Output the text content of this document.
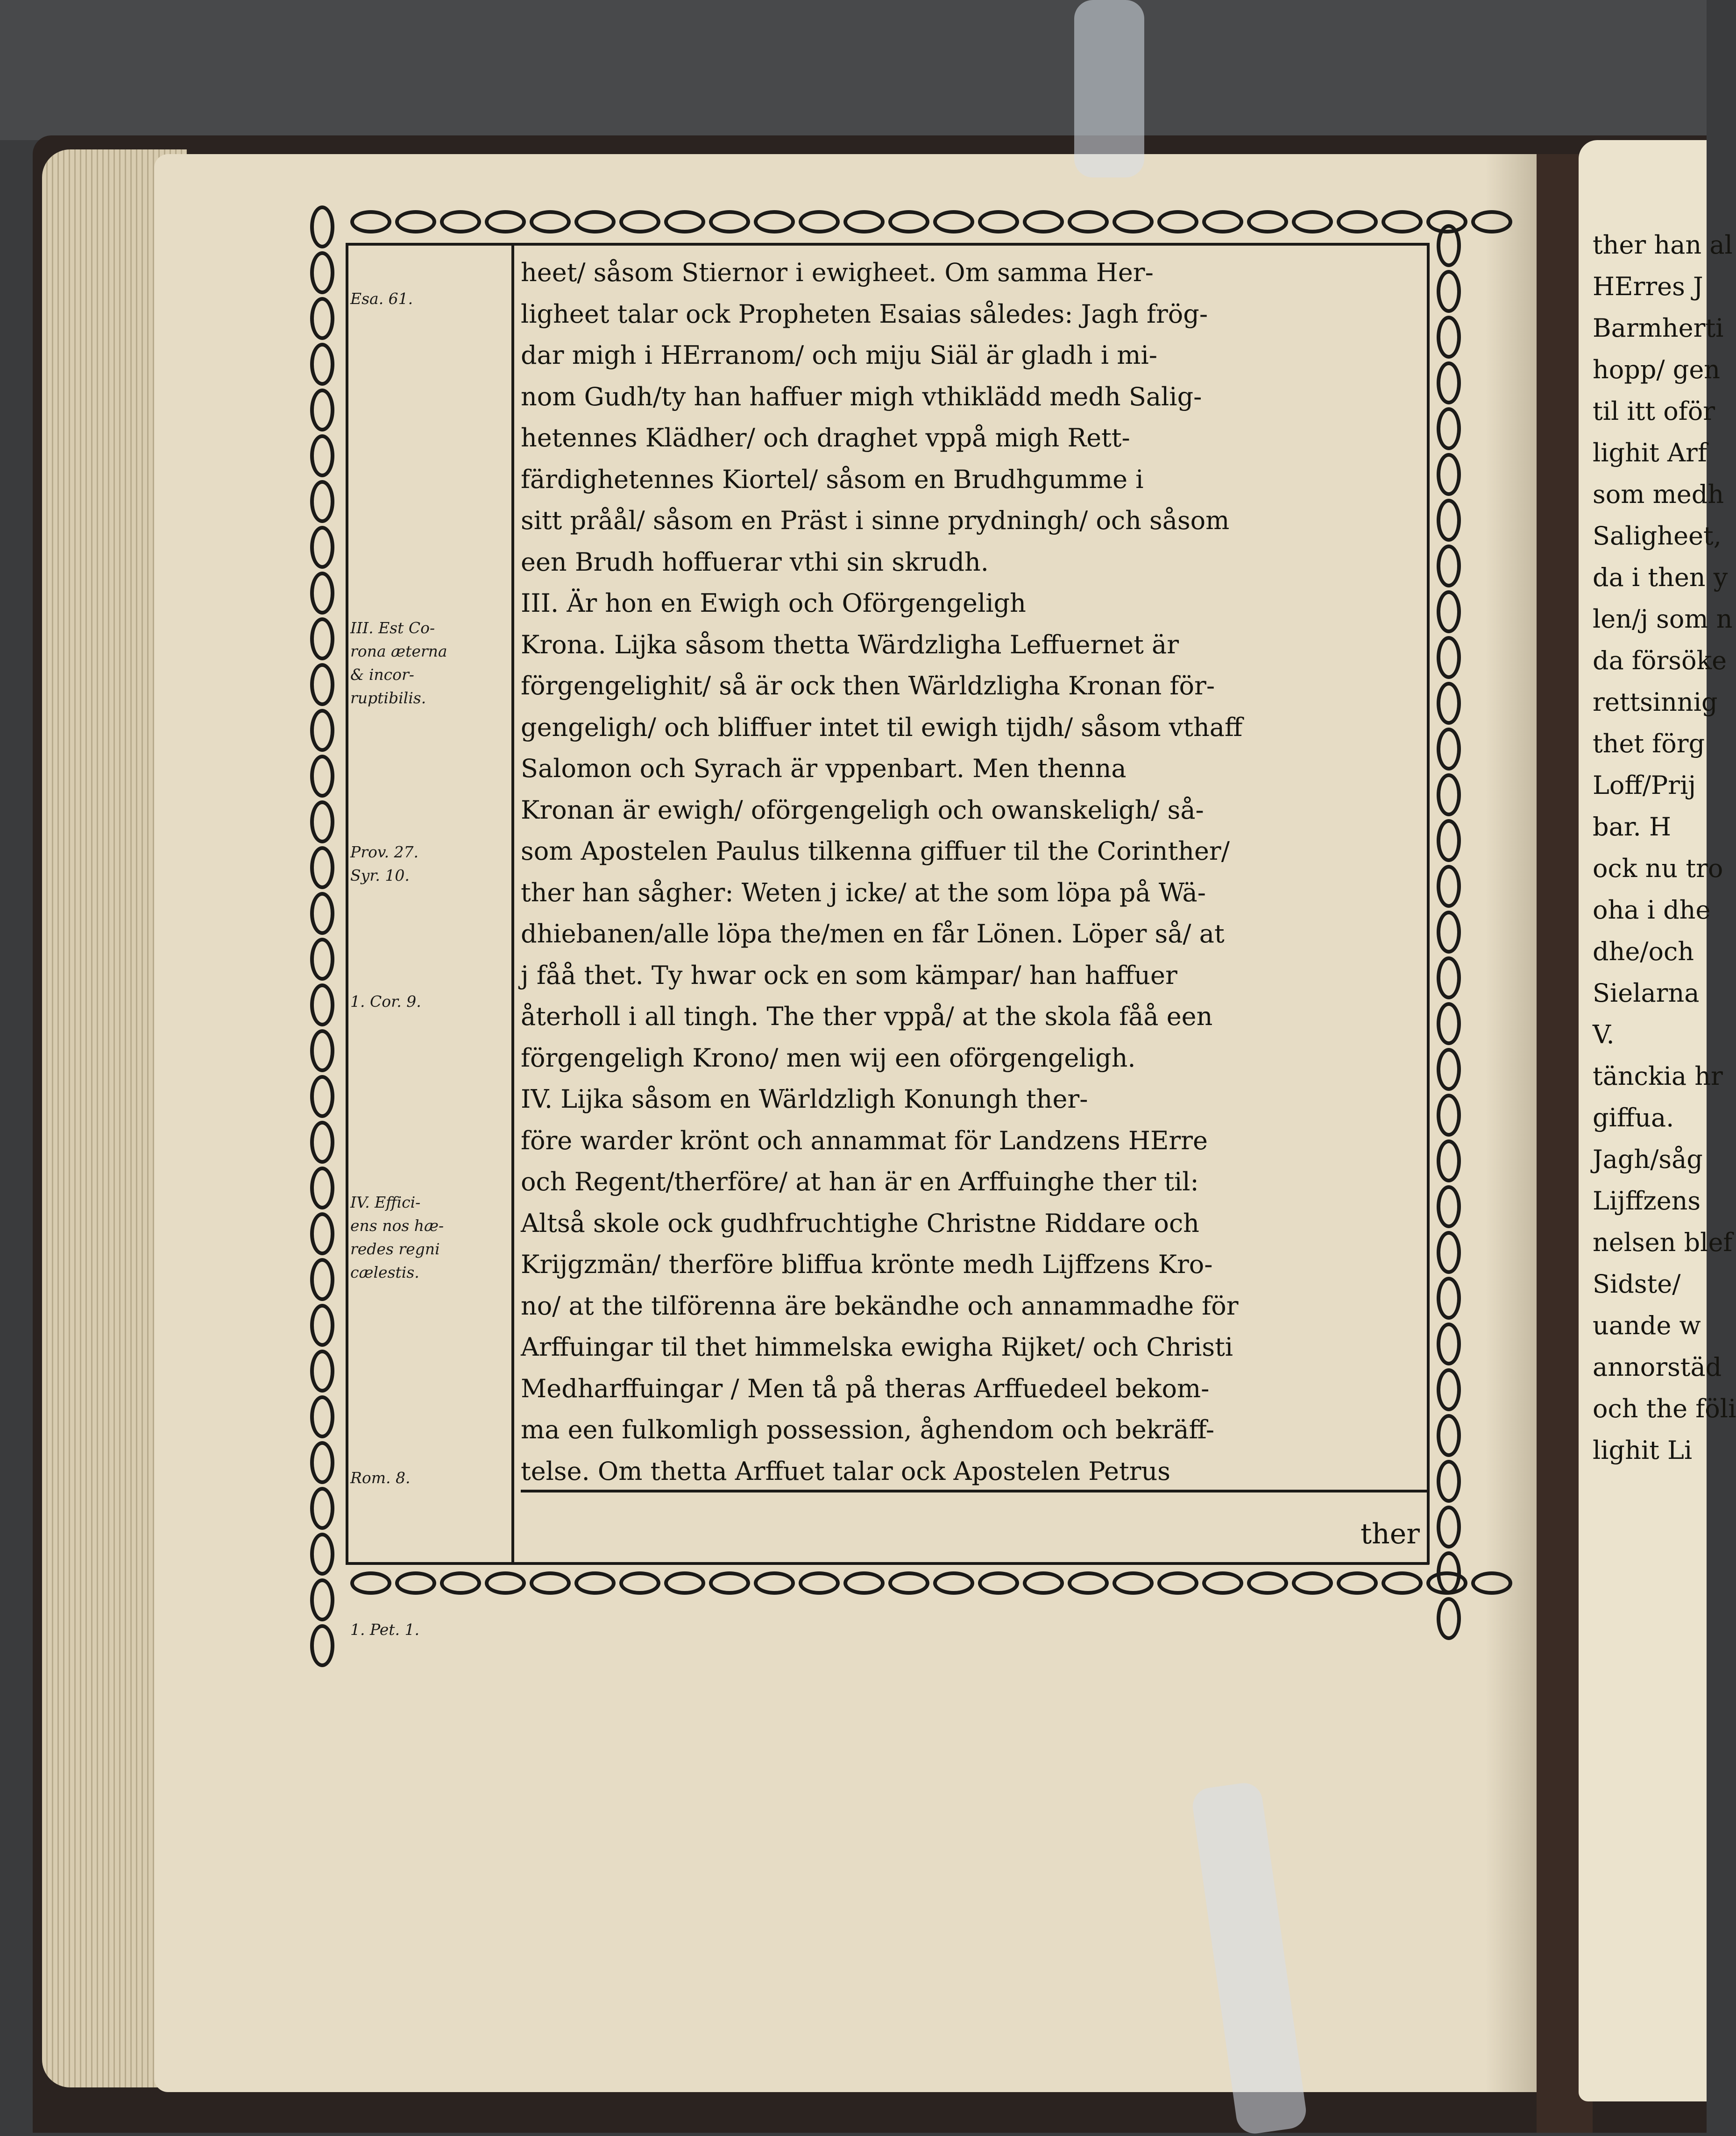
Esa. 61.
III. Est Co-
rona æterna
& incor-
ruptibilis.
Prov. 27.
Syr. 10.
1. Cor. 9.
IV. Effici-
ens nos hæ-
redes regni
cælestis.
Rom. 8.
1. Pet. 1.
heet/ såsom Stiernor i ewigheet. Om samma Her-
ligheet talar ock Propheten Esaias således: Jagh frög-
dar migh i HErranom/ och miju Siäl är gladh i mi-
nom Gudh/ty han haffuer migh vthiklädd medh Salig-
hetennes Klädher/ och draghet vppå migh Rett-
färdighetennes Kiortel/ såsom en Brudhgumme i
sitt pråål/ såsom en Präst i sinne prydningh/ och såsom
een Brudh hoffuerar vthi sin skrudh.
III. Är hon en Ewigh och Oförgengeligh
Krona. Lijka såsom thetta Wärdzligha Leffuernet är
förgengelighit/ så är ock then Wärldzligha Kronan för-
gengeligh/ och bliffuer intet til ewigh tijdh/ såsom vthaff
Salomon och Syrach är vppenbart. Men thenna
Kronan är ewigh/ oförgengeligh och owanskeligh/ så-
som Apostelen Paulus tilkenna giffuer til the Corinther/
ther han sågher: Weten j icke/ at the som löpa på Wä-
dhiebanen/alle löpa the/men en får Lönen. Löper så/ at
j fåå thet. Ty hwar ock en som kämpar/ han haffuer
återholl i all tingh. The ther vppå/ at the skola fåå een
förgengeligh Krono/ men wij een oförgengeligh.
IV. Lijka såsom en Wärldzligh Konungh ther-
före warder krönt och annammat för Landzens HErre
och Regent/therföre/ at han är en Arffuinghe ther til:
Altså skole ock gudhfruchtighe Christne Riddare och
Krijgzmän/ therföre bliffua krönte medh Lijffzens Kro-
no/ at the tilförenna äre bekändhe och annammadhe för
Arffuingar til thet himmelska ewigha Rijket/ och Christi
Medharffuingar / Men tå på theras Arffuedeel bekom-
ma een fulkomligh possession, åghendom och bekräff-
telse. Om thetta Arffuet talar ock Apostelen Petrus
ther
ther han al
HErres J
Barmherti
hopp/ gen
til itt oför
lighit Arf
som medh
Saligheet,
da i then y
len/j som n
da försöke
rettsinnig
thet förg
Loff/Prij
bar. H
ock nu tro
oha i dhe
dhe/och
Sielarna
V.
tänckia hr
giffua.
Jagh/såg
Lijffzens
nelsen blef
Sidste/
uande w
annorstäd
och the föli
lighit Li
